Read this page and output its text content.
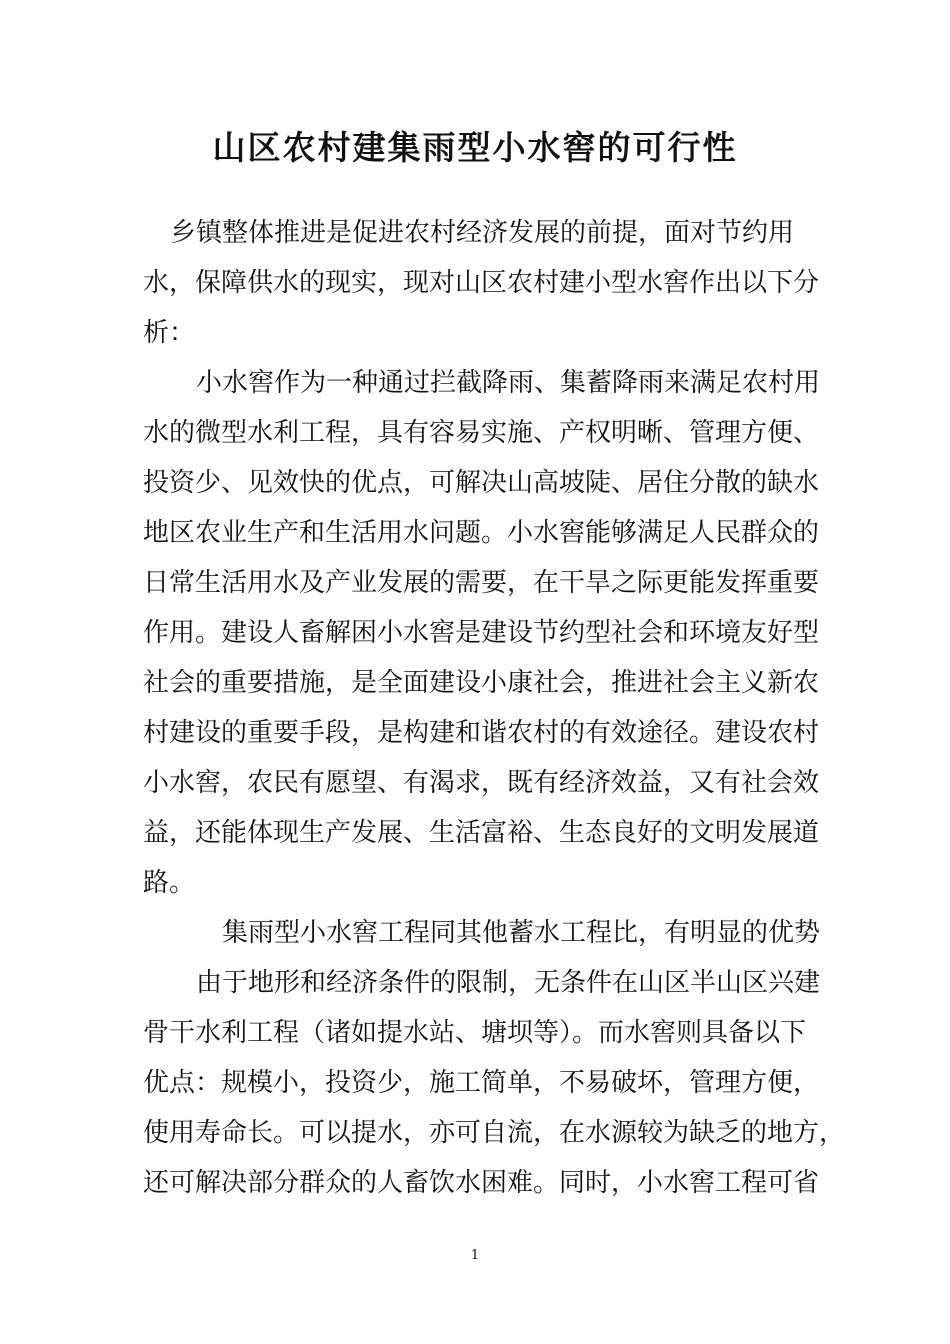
山区农村建集雨型小水窖的可行性
乡镇整体推进是促进农村经济发展的前提，面对节约用
水，保障供水的现实，现对山区农村建小型水窖作出以下分
析：
小水窖作为一种通过拦截降雨、集蓄降雨来满足农村用
水的微型水利工程，具有容易实施、产权明晰、管理方便、
投资少、见效快的优点，可解决山高坡陡、居住分散的缺水
地区农业生产和生活用水问题。小水窖能够满足人民群众的
日常生活用水及产业发展的需要，在干旱之际更能发挥重要
作用。建设人畜解困小水窖是建设节约型社会和环境友好型
社会的重要措施，是全面建设小康社会，推进社会主义新农
村建设的重要手段，是构建和谐农村的有效途径。建设农村
小水窖，农民有愿望、有渴求，既有经济效益，又有社会效
益，还能体现生产发展、生活富裕、生态良好的文明发展道
路。
集雨型小水窖工程同其他蓄水工程比，有明显的优势
由于地形和经济条件的限制，无条件在山区半山区兴建
骨干水利工程（诸如提水站、塘坝等）。而水窖则具备以下
优点：规模小，投资少，施工简单，不易破坏，管理方便，
使用寿命长。可以提水，亦可自流，在水源较为缺乏的地方，
还可解决部分群众的人畜饮水困难。同时，小水窖工程可省
1
